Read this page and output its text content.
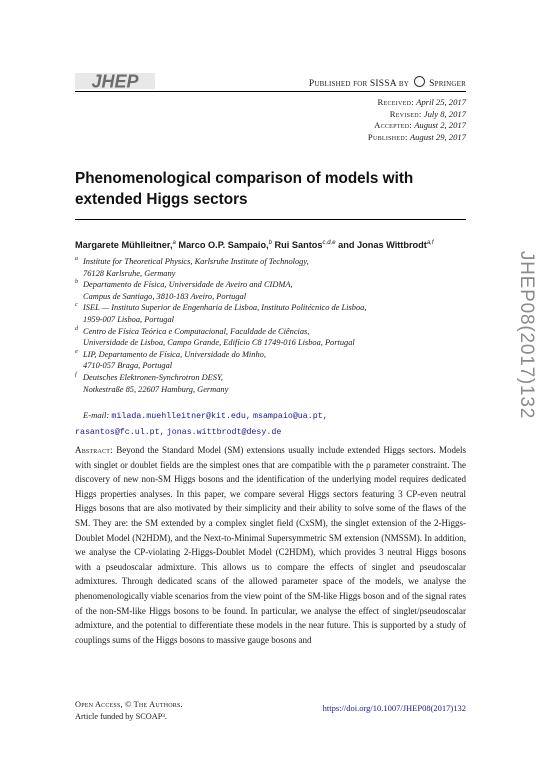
JHEP	Published for SISSA by Springer
Received: April 25, 2017
Revised: July 8, 2017
Accepted: August 2, 2017
Published: August 29, 2017
Phenomenological comparison of models with
extended Higgs sectors
Margarete Mühlleitner,$^a$ Marco O.P. Sampaio,$^b$ Rui Santos$^{c,d,e}$ and Jonas Wittbrodt$^{a,f}$
a Institute for Theoretical Physics, Karlsruhe Institute of Technology,
76128 Karlsruhe, Germany
b Departamento de Física, Universidade de Aveiro and CIDMA,
Campus de Santiago, 3810-183 Aveiro, Portugal
c ISEL — Instituto Superior de Engenharia de Lisboa, Instituto Politécnico de Lisboa,
1959-007 Lisboa, Portugal
d Centro de Física Teórica e Computacional, Faculdade de Ciências,
Universidade de Lisboa, Campo Grande, Edifício C8 1749-016 Lisboa, Portugal
e LIP, Departamento de Física, Universidade do Minho,
4710-057 Braga, Portugal
f Deutsches Elektronen-Synchrotron DESY,
Notkestraße 85, 22607 Hamburg, Germany
E-mail: milada.muehlleitner@kit.edu, msampaio@ua.pt,
rasantos@fc.ul.pt, jonas.wittbrodt@desy.de
Abstract: Beyond the Standard Model (SM) extensions usually include extended Higgs sectors. Models with singlet or doublet fields are the simplest ones that are compatible with the ρ parameter constraint. The discovery of new non-SM Higgs bosons and the identification of the underlying model requires dedicated Higgs properties analyses. In this paper, we compare several Higgs sectors featuring 3 CP-even neutral Higgs bosons that are also motivated by their simplicity and their ability to solve some of the flaws of the SM. They are: the SM extended by a complex singlet field (CxSM), the singlet extension of the 2-Higgs-Doublet Model (N2HDM), and the Next-to-Minimal Supersymmetric SM extension (NMSSM). In addition, we analyse the CP-violating 2-Higgs-Doublet Model (C2HDM), which provides 3 neutral Higgs bosons with a pseudoscalar admixture. This allows us to compare the effects of singlet and pseudoscalar admixtures. Through dedicated scans of the allowed parameter space of the models, we analyse the phenomenologically viable scenarios from the view point of the SM-like Higgs boson and of the signal rates of the non-SM-like Higgs bosons to be found. In particular, we analyse the effect of singlet/pseudoscalar admixture, and the potential to differentiate these models in the near future. This is supported by a study of couplings sums of the Higgs bosons to massive gauge bosons and
JHEP08(2017)132
Open Access, © The Authors.
Article funded by SCOAP³.
https://doi.org/10.1007/JHEP08(2017)132
